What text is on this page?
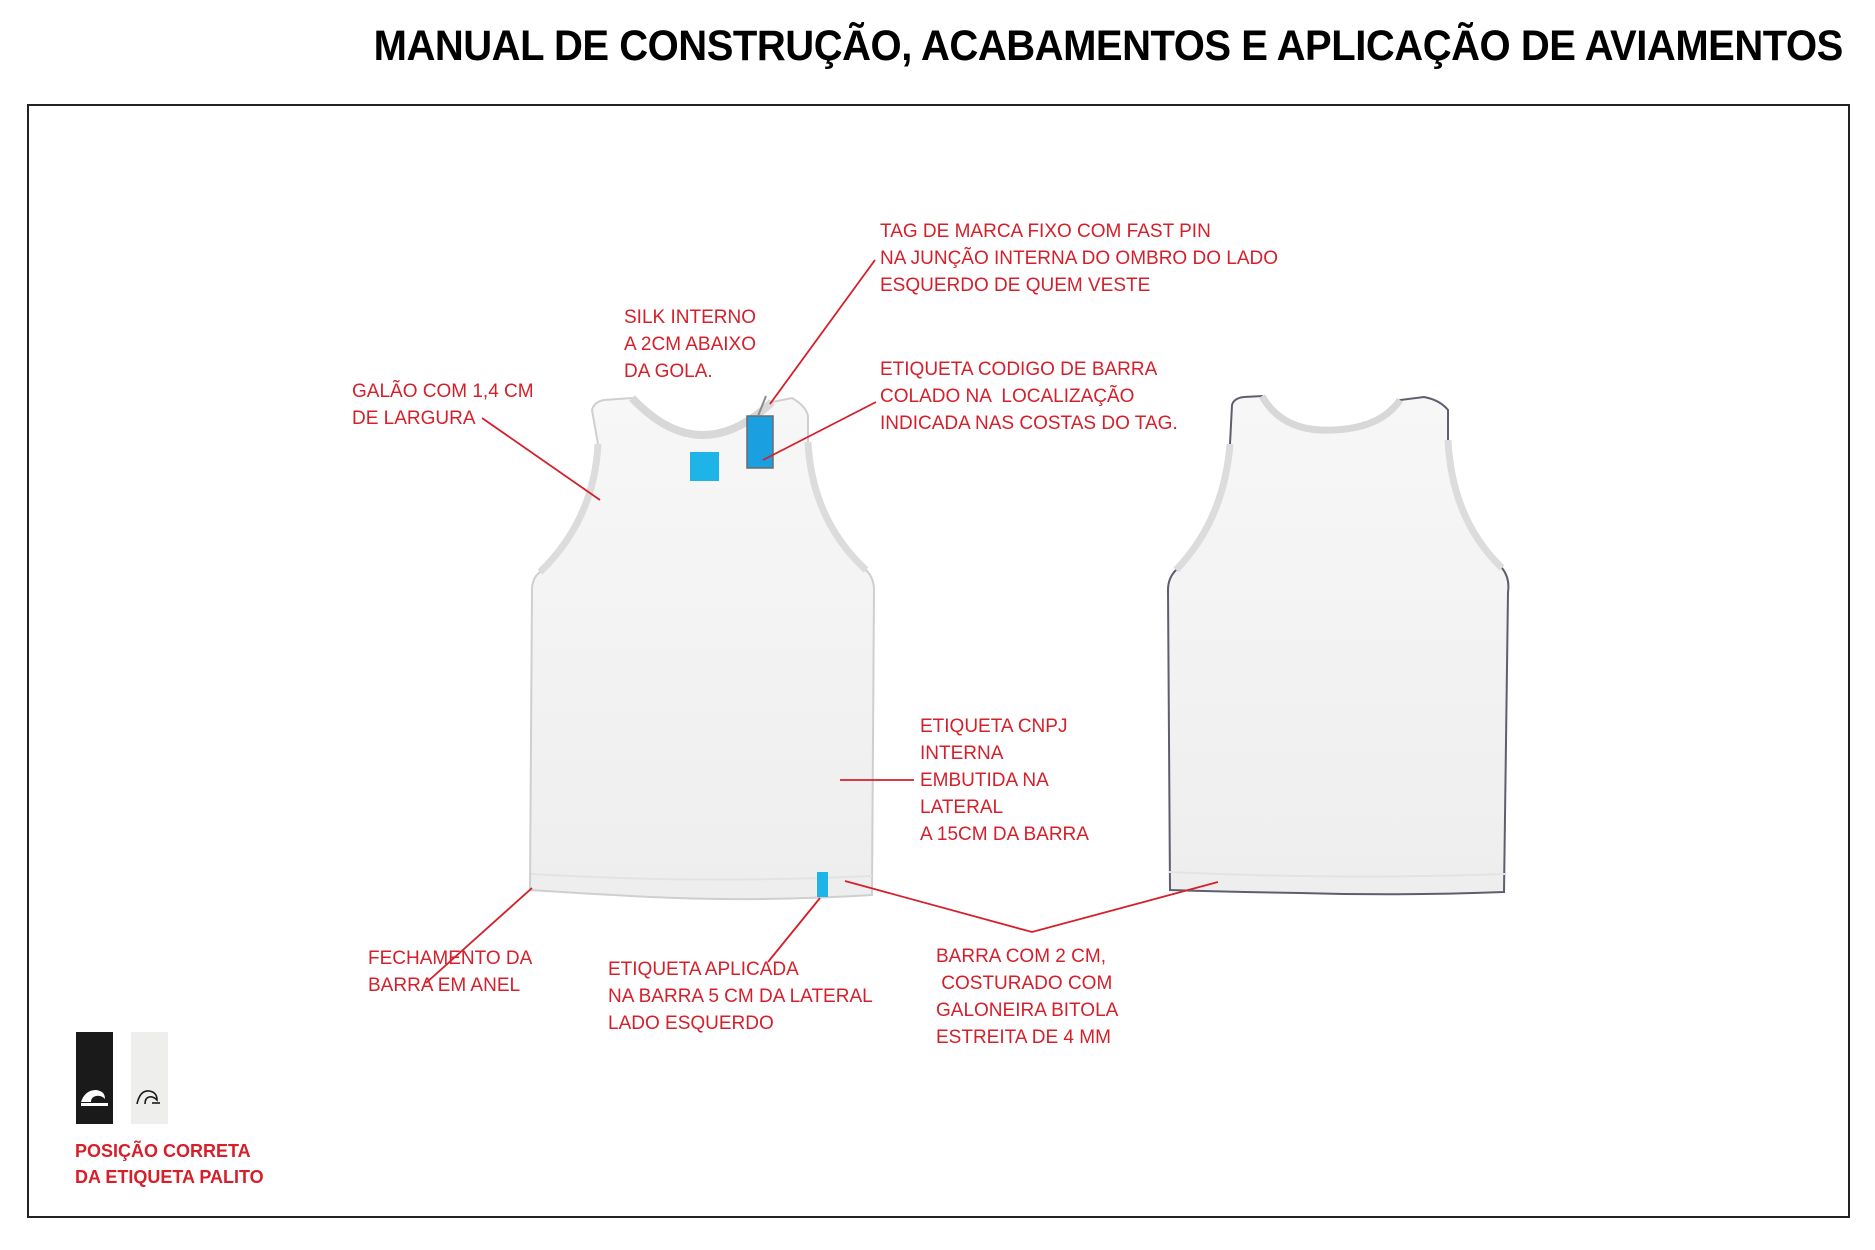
MANUAL DE CONSTRUÇÃO, ACABAMENTOS E APLICAÇÃO DE AVIAMENTOS
TAG DE MARCA FIXO COM FAST PIN
NA JUNÇÃO INTERNA DO OMBRO DO LADO
ESQUERDO DE QUEM VESTE
SILK INTERNO
A 2CM ABAIXO
DA GOLA.
GALÃO COM 1,4 CM
DE LARGURA
ETIQUETA CODIGO DE BARRA
COLADO NA  LOCALIZAÇÃO
INDICADA NAS COSTAS DO TAG.
ETIQUETA CNPJ
INTERNA
EMBUTIDA NA
LATERAL
A 15CM DA BARRA
FECHAMENTO DA
BARRA EM ANEL
ETIQUETA APLICADA
NA BARRA 5 CM DA LATERAL
LADO ESQUERDO
BARRA COM 2 CM,
COSTURADO COM
GALONEIRA BITOLA
ESTREITA DE 4 MM
POSIÇÃO CORRETA
DA ETIQUETA PALITO
